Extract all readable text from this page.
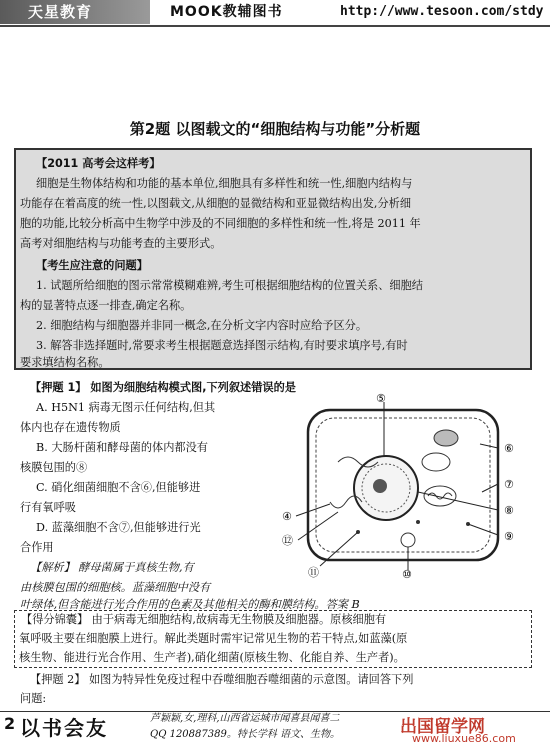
天星教育	MOOK教辅图书	http://www.tesoon.com/stdy
第2题 以图载文的“细胞结构与功能”分析题
【2011 高考会这样考】
细胞是生物体结构和功能的基本单位,细胞具有多样性和统一性,细胞内结构与
功能存在着高度的统一性,以图载文,从细胞的显微结构和亚显微结构出发,分析细
胞的功能,比较分析高中生物学中涉及的不同细胞的多样性和统一性,将是 2011 年
高考对细胞结构与功能考查的主要形式。
【考生应注意的问题】
1. 试题所给细胞的图示常常模糊难辨,考生可根据细胞结构的位置关系、细胞结
构的显著特点逐一排查,确定名称。
2. 细胞结构与细胞器并非同一概念,在分析文字内容时应给予区分。
3. 解答非选择题时,常要求考生根据题意选择图示结构,有时要求填序号,有时
要求填结构名称。
【押题 1】 如图为细胞结构模式图,下列叙述错误的是
A. H5N1 病毒无图示任何结构,但其
体内也存在遗传物质
B. 大肠杆菌和酵母菌的体内都没有
核膜包围的⑧
C. 硝化细菌细胞不含⑥,但能够进
行有氧呼吸
D. 蓝藻细胞不含⑦,但能够进行光
合作用
【解析】 酵母菌属于真核生物,有
由核膜包围的细胞核。蓝藻细胞中没有
叶绿体,但含能进行光合作用的色素及其他相关的酶和膜结构。答案 B
⑥
⑦
⑧
⑨
④
⑫
⑪	⑩
⑤
【得分锦囊】 由于病毒无细胞结构,故病毒无生物膜及细胞器。原核细胞有
氧呼吸主要在细胞膜上进行。解此类题时需牢记常见生物的若干特点,如蓝藻(原
核生物、能进行光合作用、生产者),硝化细菌(原核生物、化能自养、生产者)。
【押题 2】 如图为特异性免疫过程中吞噬细胞吞噬细菌的示意图。请回答下列
问题:
2 以书会友	芦颖颖,女,理科,山西省运城市闻喜县闻喜二
QQ 120887389。特长学科 语文、生物。	出国留学网
www.liuxue86.com
